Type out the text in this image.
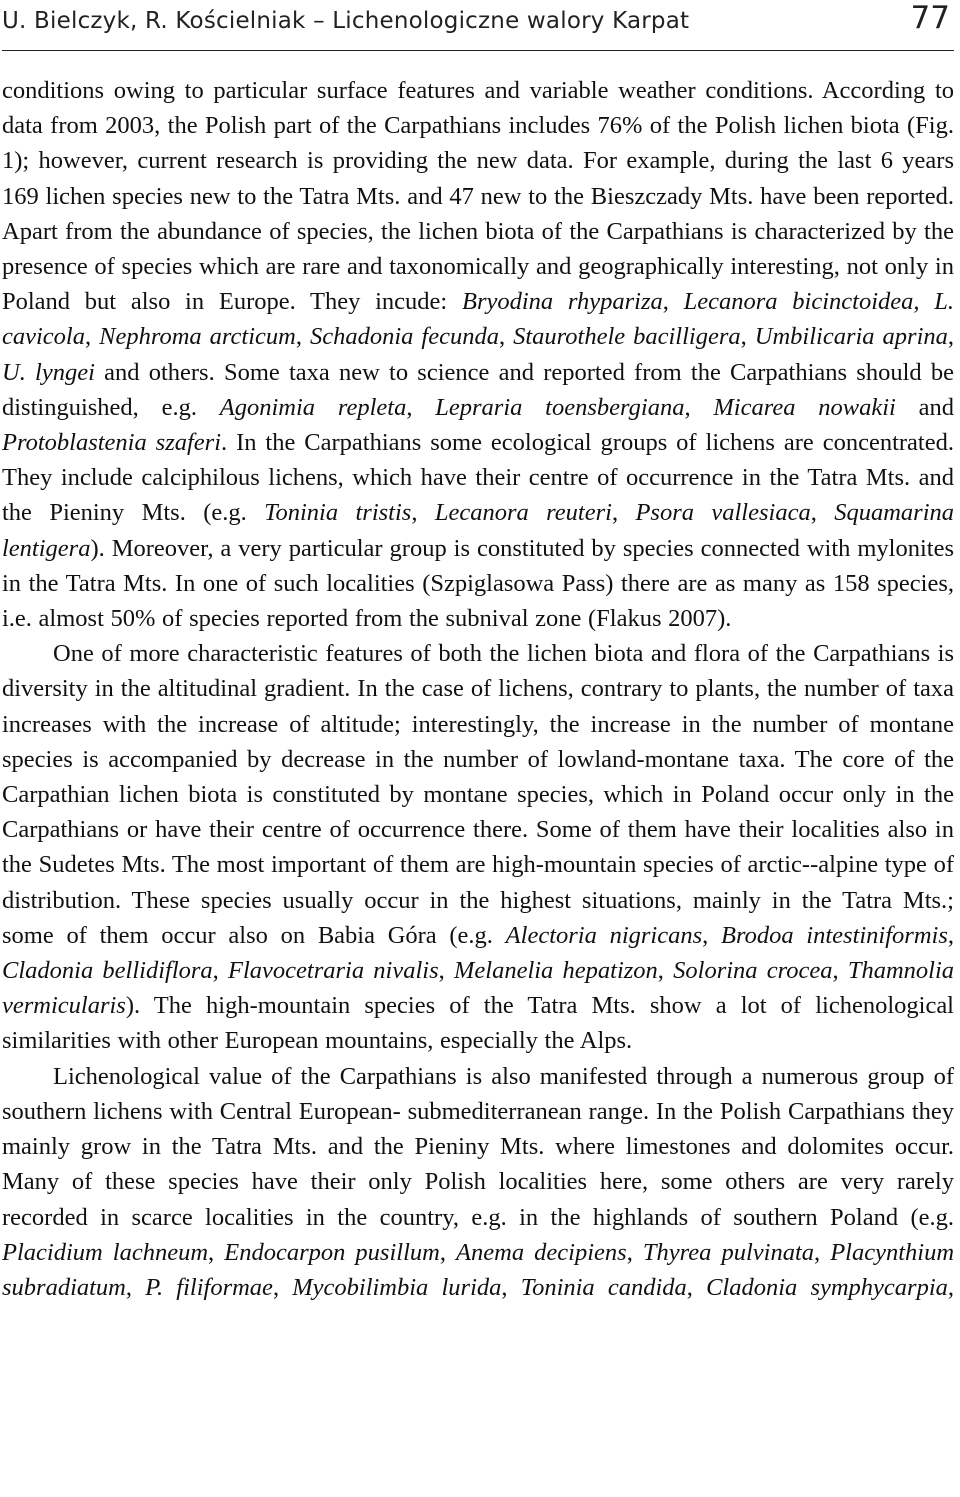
U. Bielczyk, R. Kościelniak – Lichenologiczne walory Karpat	77

conditions owing to particular surface features and variable weather conditions. According to data from 2003, the Polish part of the Carpathians includes 76% of the Polish lichen biota (Fig. 1); however, current research is providing the new data. For example, during the last 6 years 169 lichen species new to the Tatra Mts. and 47 new to the Bieszczady Mts. have been reported. Apart from the abundance of species, the lichen biota of the Carpathians is characterized by the presence of species which are rare and taxonomically and geographically interesting, not only in Poland but also in Europe. They incude: Bryodina rhypariza, Lecanora bicinctoidea, L. cavicola, Nephroma arcticum, Schadonia fecunda, Staurothele bacilligera, Umbilicaria aprina, U. lyngei and others. Some taxa new to science and reported from the Carpathians should be distinguished, e.g. Agonimia repleta, Lepraria toensbergiana, Micarea nowakii and Protoblastenia szaferi. In the Carpathians some ecological groups of lichens are concentrated. They include calciphilous lichens, which have their centre of occurrence in the Tatra Mts. and the Pieniny Mts. (e.g. Toninia tristis, Lecanora reuteri, Psora vallesiaca, Squamarina lentigera). Moreover, a very particular group is constituted by species connected with mylonites in the Tatra Mts. In one of such localities (Szpiglasowa Pass) there are as many as 158 species, i.e. almost 50% of species reported from the subnival zone (Flakus 2007).

One of more characteristic features of both the lichen biota and flora of the Carpathians is diversity in the altitudinal gradient. In the case of lichens, contrary to plants, the number of taxa increases with the increase of altitude; interestingly, the increase in the number of montane species is accompanied by decrease in the number of lowland-montane taxa. The core of the Carpathian lichen biota is constituted by montane species, which in Poland occur only in the Carpathians or have their centre of occurrence there. Some of them have their localities also in the Sudetes Mts. The most important of them are high-mountain species of arctic--alpine type of distribution. These species usually occur in the highest situations, mainly in the Tatra Mts.; some of them occur also on Babia Góra (e.g. Alectoria nigricans, Brodoa intestiniformis, Cladonia bellidiflora, Flavocetraria nivalis, Melanelia hepatizon, Solorina crocea, Thamnolia vermicularis). The high-mountain species of the Tatra Mts. show a lot of lichenological similarities with other European mountains, especially the Alps.

Lichenological value of the Carpathians is also manifested through a numerous group of southern lichens with Central European- submediterranean range. In the Polish Carpathians they mainly grow in the Tatra Mts. and the Pieniny Mts. where limestones and dolomites occur. Many of these species have their only Polish localities here, some others are very rarely recorded in scarce localities in the country, e.g. in the highlands of southern Poland (e.g. Placidium lachneum, Endocarpon pusillum, Anema decipiens, Thyrea pulvinata, Placynthium subradiatum, P. filiformae, Mycobilimbia lurida, Toninia candida, Cladonia symphycarpia,
